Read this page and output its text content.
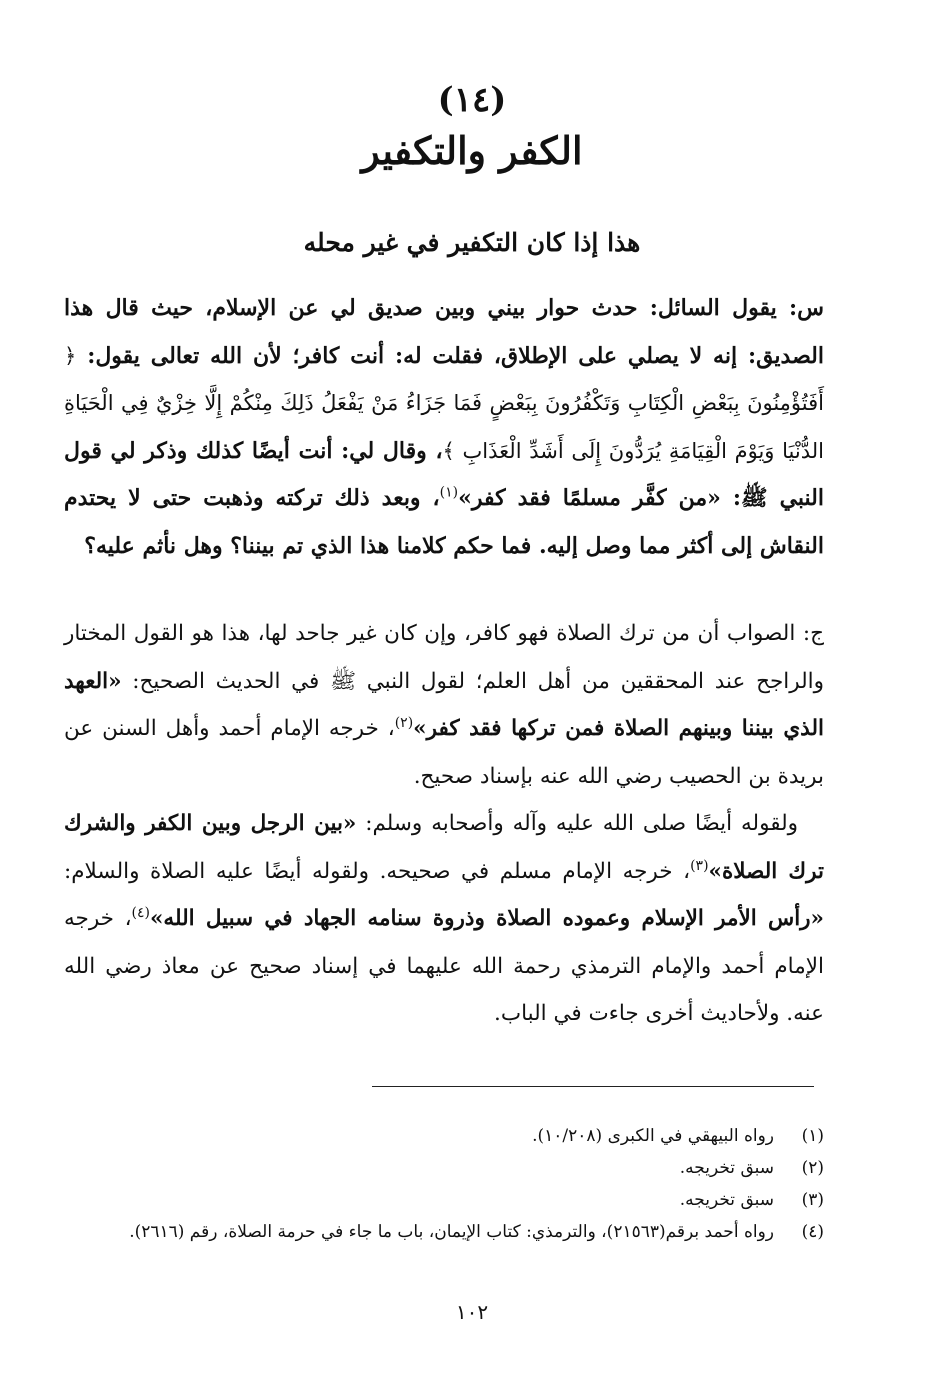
(١٤)
الكفر والتكفير
هذا إذا كان التكفير في غير محله
س: يقول السائل: حدث حوار بيني وبين صديق لي عن الإسلام، حيث قال هذا الصديق: إنه لا يصلي على الإطلاق، فقلت له: أنت كافر؛ لأن الله تعالى يقول: ﴿ أَفَتُؤْمِنُونَ بِبَعْضِ الْكِتَابِ وَتَكْفُرُونَ بِبَعْضٍ فَمَا جَزَاءُ مَنْ يَفْعَلُ ذَلِكَ مِنْكُمْ إِلَّا خِزْيٌ فِي الْحَيَاةِ الدُّنْيَا وَيَوْمَ الْقِيَامَةِ يُرَدُّونَ إِلَى أَشَدِّ الْعَذَابِ ﴾، وقال لي: أنت أيضًا كذلك وذكر لي قول النبي ﷺ: «من كفَّر مسلمًا فقد كفر»$^{(١)}$، وبعد ذلك تركته وذهبت حتى لا يحتدم النقاش إلى أكثر مما وصل إليه. فما حكم كلامنا هذا الذي تم بيننا؟ وهل نأثم عليه؟

ج: الصواب أن من ترك الصلاة فهو كافر، وإن كان غير جاحد لها، هذا هو القول المختار والراجح عند المحققين من أهل العلم؛ لقول النبي ﷺ في الحديث الصحيح: «العهد الذي بيننا وبينهم الصلاة فمن تركها فقد كفر»$^{(٢)}$، خرجه الإمام أحمد وأهل السنن عن بريدة بن الحصيب رضي الله عنه بإسناد صحيح.

ولقوله أيضًا صلى الله عليه وآله وأصحابه وسلم: «بين الرجل وبين الكفر والشرك ترك الصلاة»$^{(٣)}$، خرجه الإمام مسلم في صحيحه. ولقوله أيضًا عليه الصلاة والسلام: «رأس الأمر الإسلام وعموده الصلاة وذروة سنامه الجهاد في سبيل الله»$^{(٤)}$، خرجه الإمام أحمد والإمام الترمذي رحمة الله عليهما في إسناد صحيح عن معاذ رضي الله عنه. ولأحاديث أخرى جاءت في الباب.

(١)
رواه البيهقي في الكبرى (١٠/٢٠٨).
(٢)
سبق تخريجه.
(٣)
سبق تخريجه.
(٤)
رواه أحمد برقم(٢١٥٦٣)، والترمذي: كتاب الإيمان، باب ما جاء في حرمة الصلاة، رقم (٢٦١٦).
١٠٢
